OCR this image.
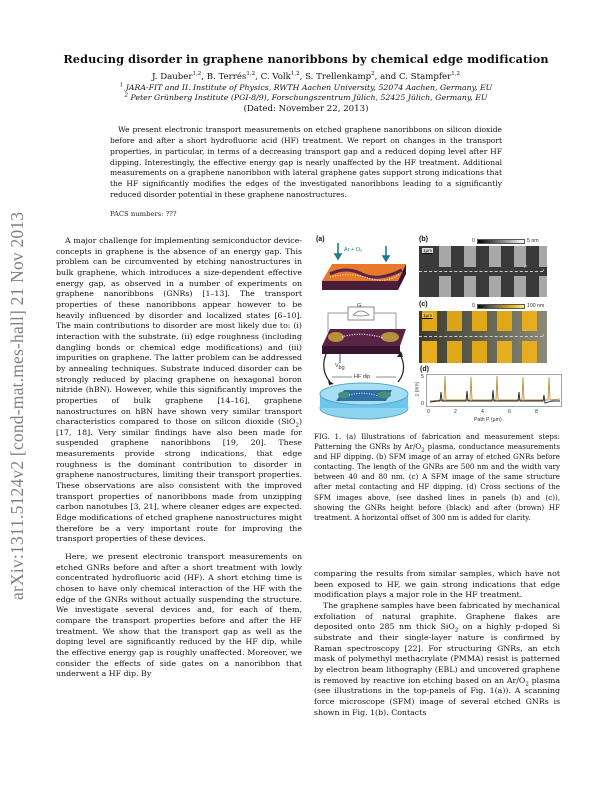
arXiv:1311.5124v2 [cond-mat.mes-hall] 21 Nov 2013
Reducing disorder in graphene nanoribbons by chemical edge modification
J. Dauber$^{1,2}$, B. Terrés$^{1,2}$, C. Volk$^{1,2}$, S. Trellenkamp$^2$, and C. Stampfer$^{1,2}$
$^1$ JARA-FIT and II. Institute of Physics, RWTH Aachen University, 52074 Aachen, Germany, EU
$^2$ Peter Grünberg Institute (PGI-8/9), Forschungszentrum Jülich, 52425 Jülich, Germany, EU
(Dated: November 22, 2013)

We present electronic transport measurements on etched graphene nanoribbons on silicon dioxide before and after a short hydrofluoric acid (HF) treatment. We report on changes in the transport properties, in particular, in terms of a decreasing transport gap and a reduced doping level after HF dipping. Interestingly, the effective energy gap is nearly unaffected by the HF treatment. Additional measurements on a graphene nanoribbon with lateral graphene gates support strong indications that the HF significantly modifies the edges of the investigated nanoribbons leading to a significantly reduced disorder potential in these graphene nanostructures.

PACS numbers: ???

A major challenge for implementing semiconductor device-concepts in graphene is the absence of an energy gap. This problem can be circumvented by etching nanostructures in bulk graphene, which introduces a size-dependent effective energy gap, as observed in a number of experiments on graphene nanoribbons (GNRs) [1–13]. The transport properties of these nanoribbons appear however to be heavily influenced by disorder and localized states [6–10]. The main contributions to disorder are most likely due to: (i) interaction with the substrate, (ii) edge roughness (including dangling bonds or chemical edge modifications) and (iii) impurities on graphene. The latter problem can be addressed by annealing techniques. Substrate induced disorder can be strongly reduced by placing graphene on hexagonal boron nitride (hBN). However, while this significantly improves the properties of bulk graphene [14–16], graphene nanostructures on hBN have shown very similar transport characteristics compared to those on silicon dioxide (SiO$_2$) [17, 18]. Very similar findings have also been made for suspended graphene nanoribbons [19, 20]. These measurements provide strong indications, that edge roughness is the dominant contribution to disorder in graphene nanostructures, limiting their transport properties. These observations are also consistent with the improved transport properties of nanoribbons made from unzipping carbon nanotubes [3, 21], where cleaner edges are expected. Edge modifications of etched graphene nanostructures might therefore be a very important route for improving the transport properties of these devices.

Here, we present electronic transport measurements on etched GNRs before and after a short treatment with lowly concentrated hydrofluoric acid (HF). A short etching time is chosen to have only chemical interaction of the HF with the edge of the GNRs without actually suspending the structure. We investigate several devices and, for each of them, compare the transport properties before and after the HF treatment. We show that the transport gap as well as the doping level are significantly reduced by the HF dip, while the effective energy gap is roughly unaffected. Moreover, we consider the effects of side gates on a nanoribbon that underwent a HF dip. By

(a)
Ar + O₂
G
$V_{bg}$
HF dip
(b)	0	5 nm
1µm
P
›
(c)	0	100 nm
1µm
›
(d)
z (nm)
5
0
0	2	4	6	8
Path P (µm)

FIG. 1. (a) Illustrations of fabrication and measurement steps: Patterning the GNRs by $Ar/O_2$ plasma, conductance measurements and HF dipping. (b) SFM image of an array of etched GNRs before contacting. The length of the GNRs are 500 nm and the width vary between 40 and 80 nm. (c) A SFM image of the same structure after metal contacting and HF dipping. (d) Cross sections of the SFM images above, (see dashed lines in panels (b) and (c)), showing the GNRs height before (black) and after (brown) HF treatment. A horizontal offset of 300 nm is added for clarity.

comparing the results from similar samples, which have not been exposed to HF, we gain strong indications that edge modification plays a major role in the HF treatment.

The graphene samples have been fabricated by mechanical exfoliation of natural graphite. Graphene flakes are deposited onto 285 nm thick SiO$_2$ on a highly p-doped Si substrate and their single-layer nature is confirmed by Raman spectroscopy [22]. For structuring GNRs, an etch mask of polymethyl methacrylate (PMMA) resist is patterned by electron beam lithography (EBL) and uncovered graphene is removed by reactive ion etching based on an $Ar/O_2$ plasma (see illustrations in the top-panels of Fig. 1(a)). A scanning force microscope (SFM) image of several etched GNRs is shown in Fig. 1(b). Contacts
